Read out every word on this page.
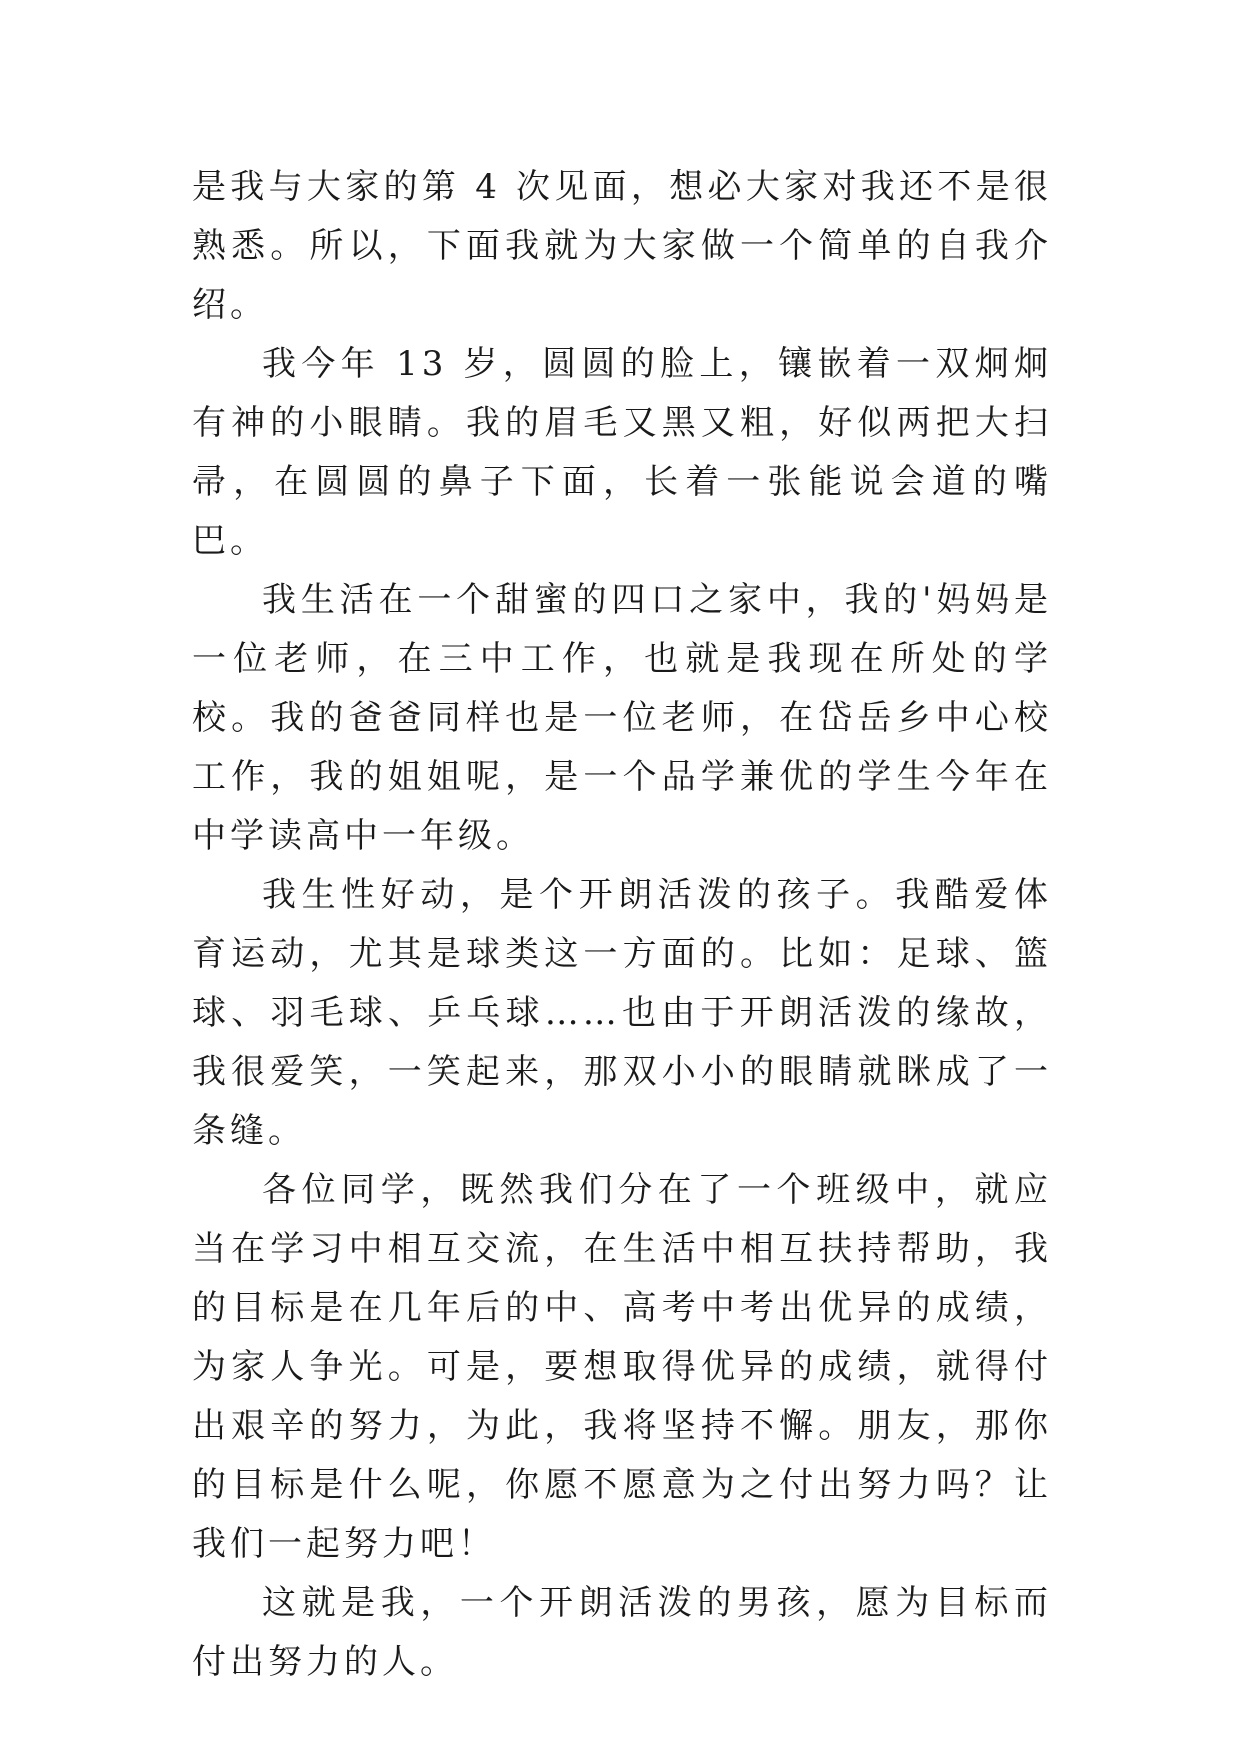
是我与大家的第 4 次见面，想必大家对我还不是很熟悉。所以，下面我就为大家做一个简单的自我介绍。

我今年 13 岁，圆圆的脸上，镶嵌着一双炯炯有神的小眼睛。我的眉毛又黑又粗，好似两把大扫帚，在圆圆的鼻子下面，长着一张能说会道的嘴巴。

我生活在一个甜蜜的四口之家中，我的'妈妈是一位老师，在三中工作，也就是我现在所处的学校。我的爸爸同样也是一位老师，在岱岳乡中心校工作，我的姐姐呢，是一个品学兼优的学生今年在中学读高中一年级。

我生性好动，是个开朗活泼的孩子。我酷爱体育运动，尤其是球类这一方面的。比如：足球、篮球、羽毛球、乒乓球……也由于开朗活泼的缘故，我很爱笑，一笑起来，那双小小的眼睛就眯成了一条缝。

各位同学，既然我们分在了一个班级中，就应当在学习中相互交流，在生活中相互扶持帮助，我的目标是在几年后的中、高考中考出优异的成绩，为家人争光。可是，要想取得优异的成绩，就得付出艰辛的努力，为此，我将坚持不懈。朋友，那你的目标是什么呢，你愿不愿意为之付出努力吗？让我们一起努力吧！

这就是我，一个开朗活泼的男孩，愿为目标而付出努力的人。
